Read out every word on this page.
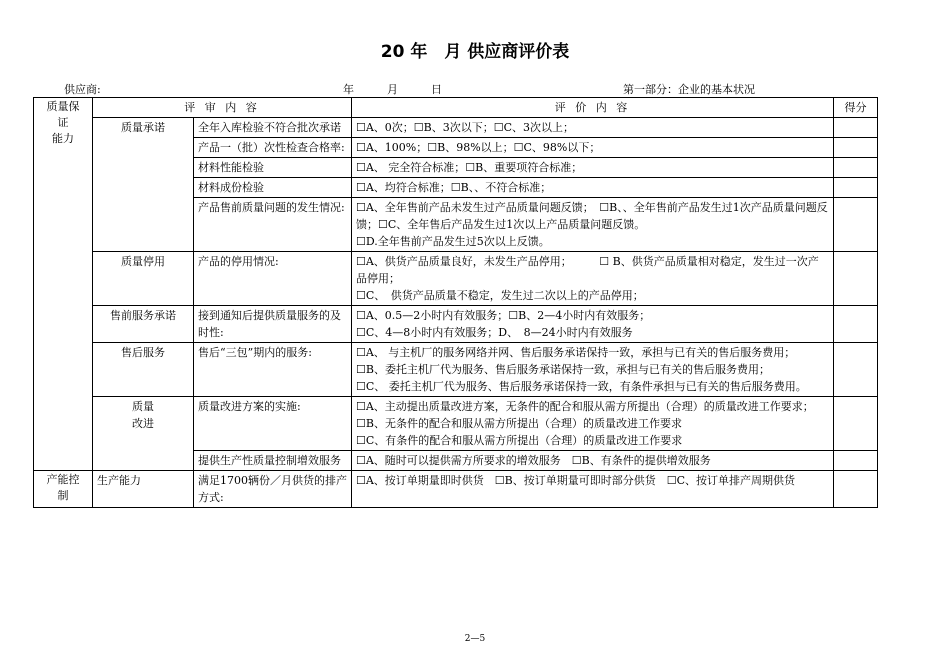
20 年　月 供应商评价表
供应商:	年　　　月　　　日	第一部分：企业的基本状况
质量保
证
能力	评 审 内 容		评 价 内 容	得分
	质量承诺	全年入库检验不符合批次承诺	☐A、0次；☐B、3次以下；☐C、3次以上；	
		产品一（批）次性检查合格率:	☐A、100%；☐B、98%以上；☐C、98%以下；	
		材料性能检验	☐A、 完全符合标准；☐B、重要项符合标准；	
		材料成份检验	☐A、均符合标准；☐B、、不符合标准；	
		产品售前质量问题的发生情况:	☐A、全年售前产品未发生过产品质量问题反馈；　☐B、、全年售前产品发生过1次产品质量问题反馈；☐C、全年售后产品发生过1次以上产品质量问题反馈。
☐D.全年售前产品发生过5次以上反馈。	

	质量停用	产品的停用情况:	☐A、供货产品质量良好，未发生产品停用；　　　☐ B、供货产品质量相对稳定，发生过一次产品停用；
☐C、　供货产品质量不稳定，发生过二次以上的产品停用；	

	售前服务承诺	接到通知后提供质量服务的及时性:	☐A、0.5—2小时内有效服务；☐B、2—4小时内有效服务；
☐C、4—8小时内有效服务；D、　8—24小时内有效服务	

	售后服务	售后“三包”期内的服务:	☐A、 与主机厂的服务网络并网、售后服务承诺保持一致，承担与已有关的售后服务费用；
☐B、委托主机厂代为服务、售后服务承诺保持一致，承担与已有关的售后服务费用；
☐C、 委托主机厂代为服务、售后服务承诺保持一致，有条件承担与已有关的售后服务费用。	

	质量
改进	质量改进方案的实施:	☐A、主动提出质量改进方案，无条件的配合和服从需方所提出（合理）的质量改进工作要求；
☐B、无条件的配合和服从需方所提出（合理）的质量改进工作要求
☐C、有条件的配合和服从需方所提出（合理）的质量改进工作要求	

		提供生产性质量控制增效服务	☐A、随时可以提供需方所要求的增效服务　☐B、有条件的提供增效服务	
产能控
制	生产能力	满足1700辆份／月供货的排产方式:	☐A、按订单期量即时供货　☐B、按订单期量可即时部分供货　☐C、按订单排产周期供货	
2—5
